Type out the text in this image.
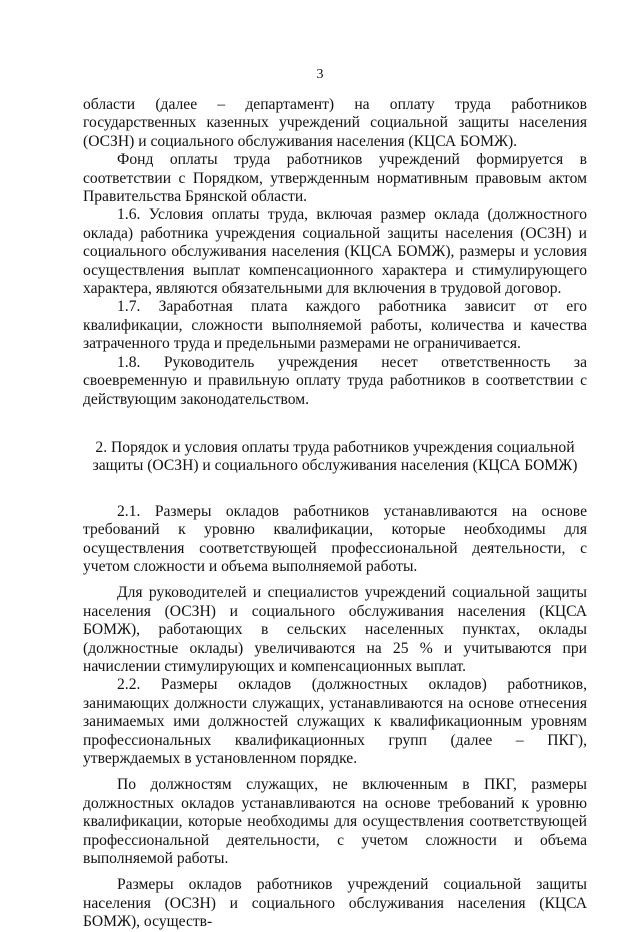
3

области (далее – департамент) на оплату труда работников государственных казенных учреждений социальной защиты населения (ОСЗН) и социального обслуживания населения (КЦСА БОМЖ).

Фонд оплаты труда работников учреждений формируется в соответствии с Порядком, утвержденным нормативным правовым актом Правительства Брянской области.

1.6. Условия оплаты труда, включая размер оклада (должностного оклада) работника учреждения социальной защиты населения (ОСЗН) и социального обслуживания населения (КЦСА БОМЖ), размеры и условия осуществления выплат компенсационного характера и стимулирующего характера, являются обязательными для включения в трудовой договор.

1.7. Заработная плата каждого работника зависит от его квалификации, сложности выполняемой работы, количества и качества затраченного труда и предельными размерами не ограничивается.

1.8. Руководитель учреждения несет ответственность за своевременную и правильную оплату труда работников в соответствии с действующим законодательством.

2. Порядок и условия оплаты труда работников учреждения социальной защиты (ОСЗН) и социального обслуживания населения (КЦСА БОМЖ)

2.1. Размеры окладов работников устанавливаются на основе требований к уровню квалификации, которые необходимы для осуществления соответствующей профессиональной деятельности, с учетом сложности и объема выполняемой работы.

Для руководителей и специалистов учреждений социальной защиты населения (ОСЗН) и социального обслуживания населения (КЦСА БОМЖ), работающих в сельских населенных пунктах, оклады (должностные оклады) увеличиваются на 25 % и учитываются при начислении стимулирующих и компенсационных выплат.

2.2. Размеры окладов (должностных окладов) работников, занимающих должности служащих, устанавливаются на основе отнесения занимаемых ими должностей служащих к квалификационным уровням профессиональных квалификационных групп (далее – ПКГ), утверждаемых в установленном порядке.

По должностям служащих, не включенным в ПКГ, размеры должностных окладов устанавливаются на основе требований к уровню квалификации, которые необходимы для осуществления соответствующей профессиональной деятельности, с учетом сложности и объема выполняемой работы.

Размеры окладов работников учреждений социальной защиты населения (ОСЗН) и социального обслуживания населения (КЦСА БОМЖ), осуществ-
